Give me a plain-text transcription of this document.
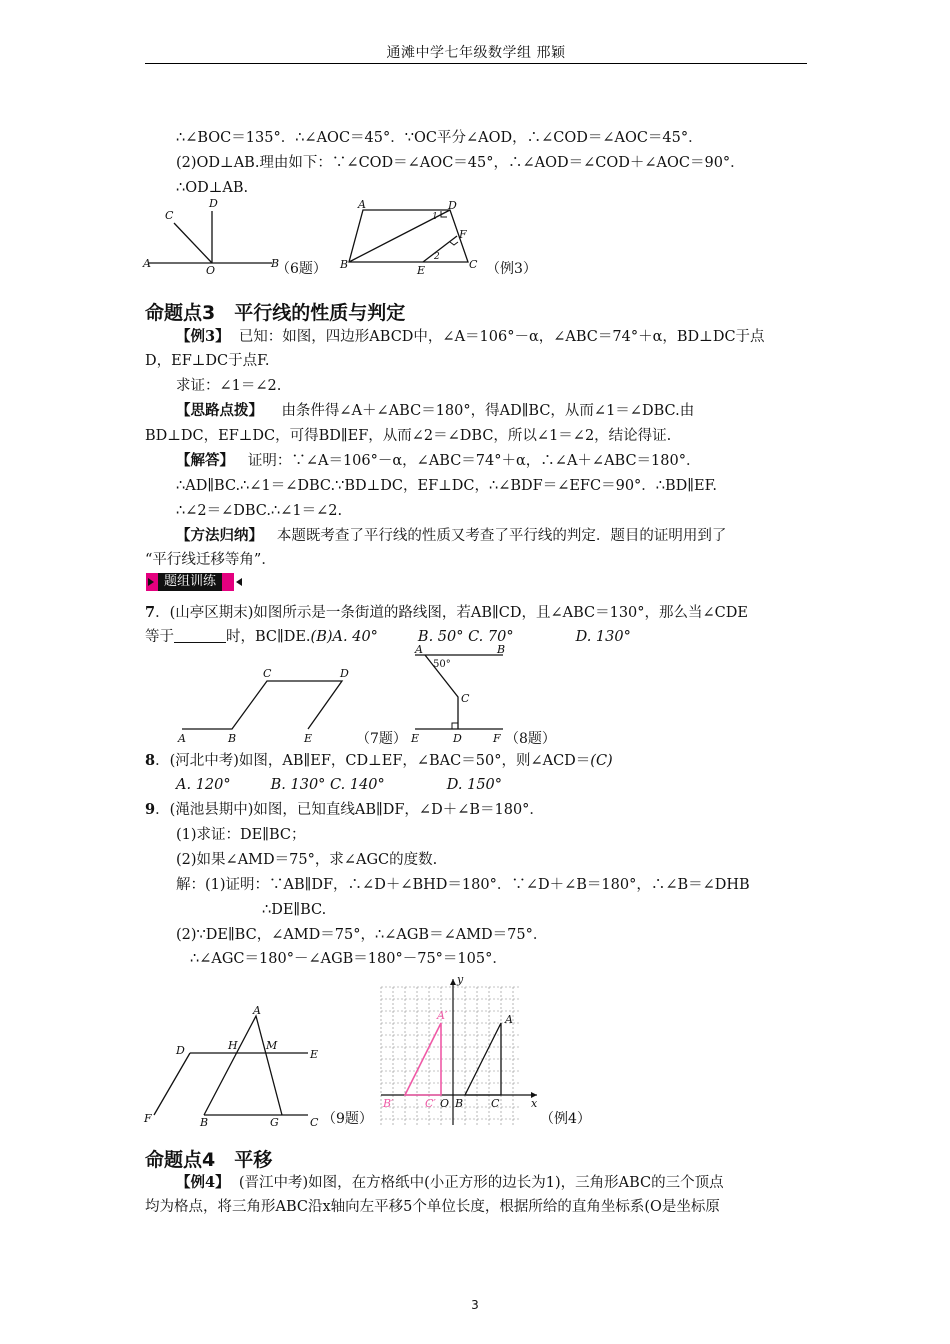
通滩中学七年级数学组 邢颖
∴∠BOC＝135°．∴∠AOC＝45°．∵OC平分∠AOD，∴∠COD＝∠AOC＝45°．
(2)OD⊥AB.理由如下：∵∠COD＝∠AOC＝45°，∴∠AOD＝∠COD＋∠AOC＝90°．
∴OD⊥AB.
A	B
C
D
O	（6题）
A
B	C
D
E
F
1
2
（例3）
命题点3　平行线的性质与判定
【例3】 已知：如图，四边形ABCD中，∠A＝106°－α，∠ABC＝74°＋α，BD⊥DC于点
D，EF⊥DC于点F.
求证：∠1＝∠2.
【思路点拨】 由条件得∠A＋∠ABC＝180°，得AD∥BC，从而∠1＝∠DBC.由
BD⊥DC，EF⊥DC，可得BD∥EF，从而∠2＝∠DBC，所以∠1＝∠2，结论得证.
【解答】 证明：∵∠A＝106°－α，∠ABC＝74°＋α，∴∠A＋∠ABC＝180°．
∴AD∥BC.∴∠1＝∠DBC.∵BD⊥DC，EF⊥DC，∴∠BDF＝∠EFC＝90°．∴BD∥EF.
∴∠2＝∠DBC.∴∠1＝∠2.
【方法归纳】 本题既考查了平行线的性质又考查了平行线的判定．题目的证明用到了
“平行线迁移等角”．
题组训练
7．(山亭区期末)如图所示是一条街道的路线图，若AB∥CD，且∠ABC＝130°，那么当∠CDE
等于	时，BC∥DE.(B)A. 40°	B. 50° C. 70°	D. 130°
A	B
C	D
E	（7题）
A	B
C
D
E	F
50°
（8题）
8．(河北中考)如图，AB∥EF，CD⊥EF，∠BAC＝50°，则∠ACD＝(C)
A. 120°	B. 130° C. 140°	D. 150°
9．(渑池县期中)如图，已知直线AB∥DF，∠D＋∠B＝180°．
(1)求证：DE∥BC；
(2)如果∠AMD＝75°，求∠AGC的度数.
解：(1)证明：∵AB∥DF，∴∠D＋∠BHD＝180°．∵∠D＋∠B＝180°，∴∠B＝∠DHB
∴DE∥BC.
(2)∵DE∥BC，∠AMD＝75°，∴∠AGB＝∠AMD＝75°．
∴∠AGC＝180°－∠AGB＝180°－75°＝105°．
A
B	C
D	E
F	G
H	M
（9题）
A
B	C
A′
B′	C′ O	x
y
（例4）
命题点4　平移
【例4】 (晋江中考)如图，在方格纸中(小正方形的边长为1)，三角形ABC的三个顶点
均为格点，将三角形ABC沿x轴向左平移5个单位长度，根据所给的直角坐标系(O是坐标原
3
